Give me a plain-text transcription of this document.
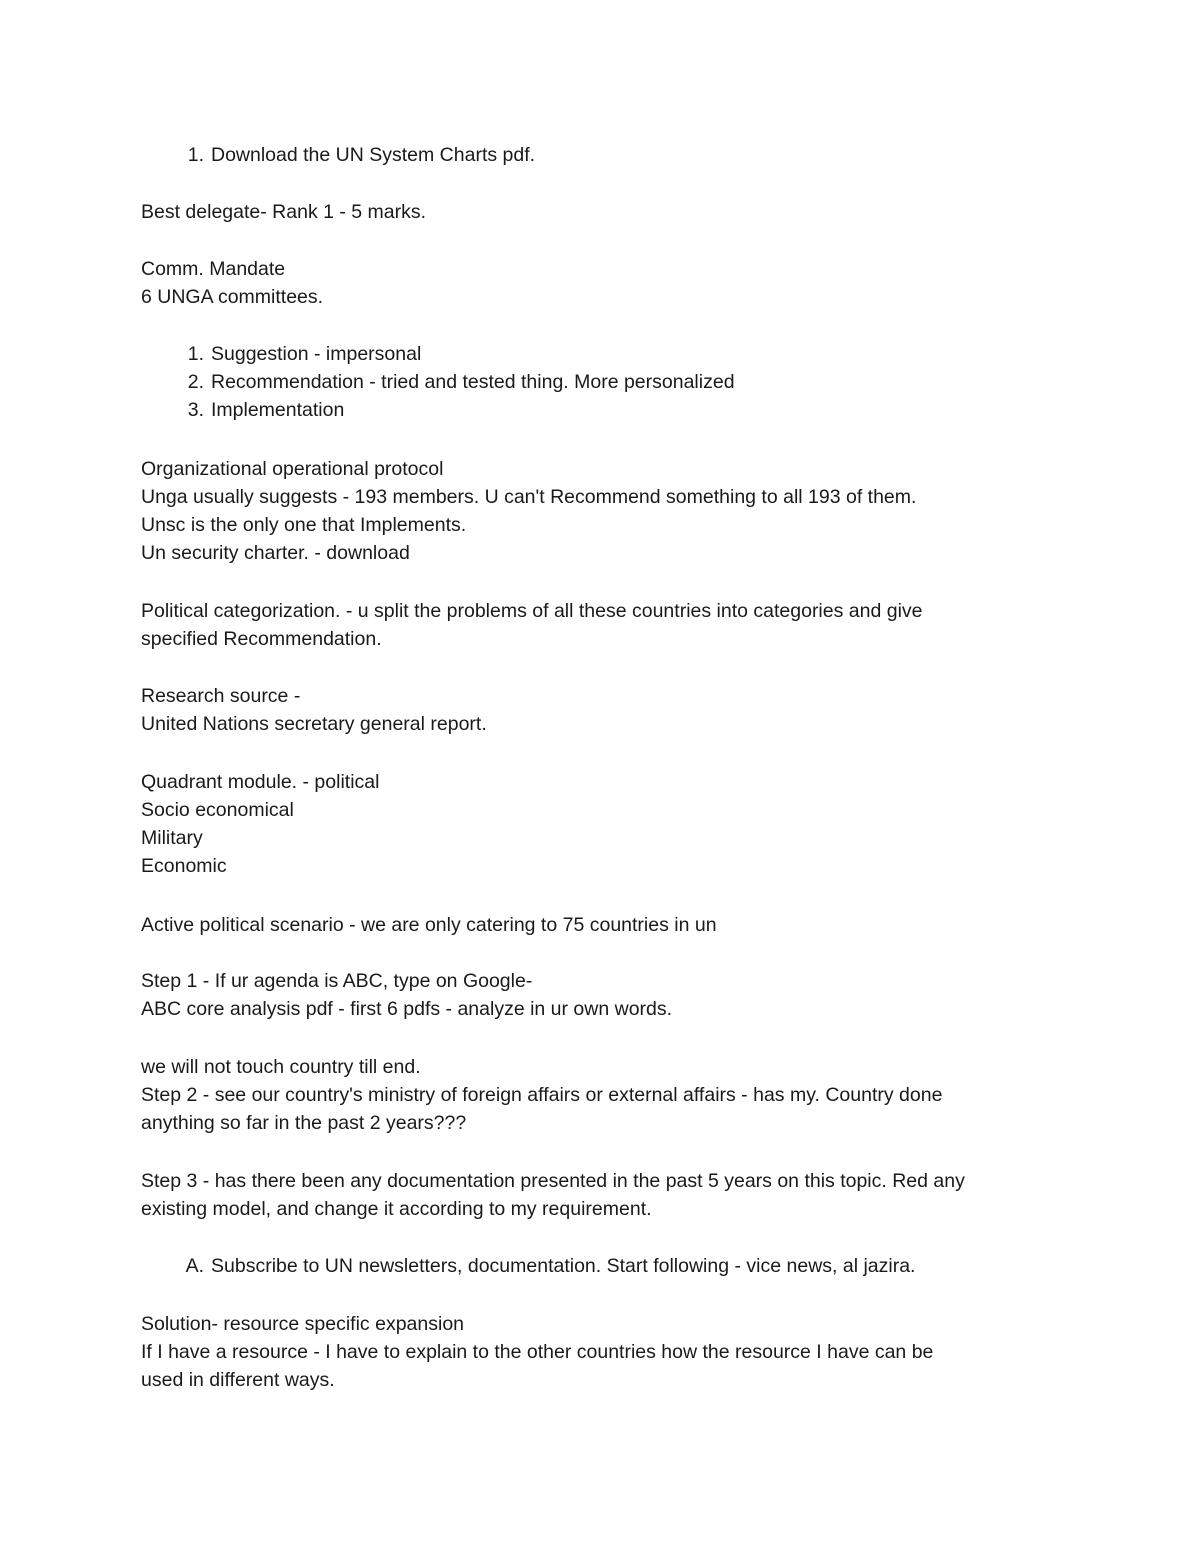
1. Download the UN System Charts pdf.
Best delegate- Rank 1 - 5 marks.
Comm. Mandate
6 UNGA committees.
1. Suggestion - impersonal
2. Recommendation - tried and tested thing. More personalized
3. Implementation
Organizational operational protocol
Unga usually suggests - 193 members. U can't Recommend something to all 193 of them.
Unsc is the only one that Implements.
Un security charter. - download
Political categorization. - u split the problems of all these countries into categories and give
specified Recommendation.
Research source -
United Nations secretary general report.
Quadrant module. - political
Socio economical
Military
Economic
Active political scenario - we are only catering to 75 countries in un
Step 1 - If ur agenda is ABC, type on Google-
ABC core analysis pdf - first 6 pdfs - analyze in ur own words.
we will not touch country till end.
Step 2 - see our country's ministry of foreign affairs or external affairs - has my. Country done
anything so far in the past 2 years???
Step 3 - has there been any documentation presented in the past 5 years on this topic. Red any
existing model, and change it according to my requirement.
A. Subscribe to UN newsletters, documentation. Start following - vice news, al jazira.
Solution- resource specific expansion
If I have a resource - I have to explain to the other countries how the resource I have can be
used in different ways.
